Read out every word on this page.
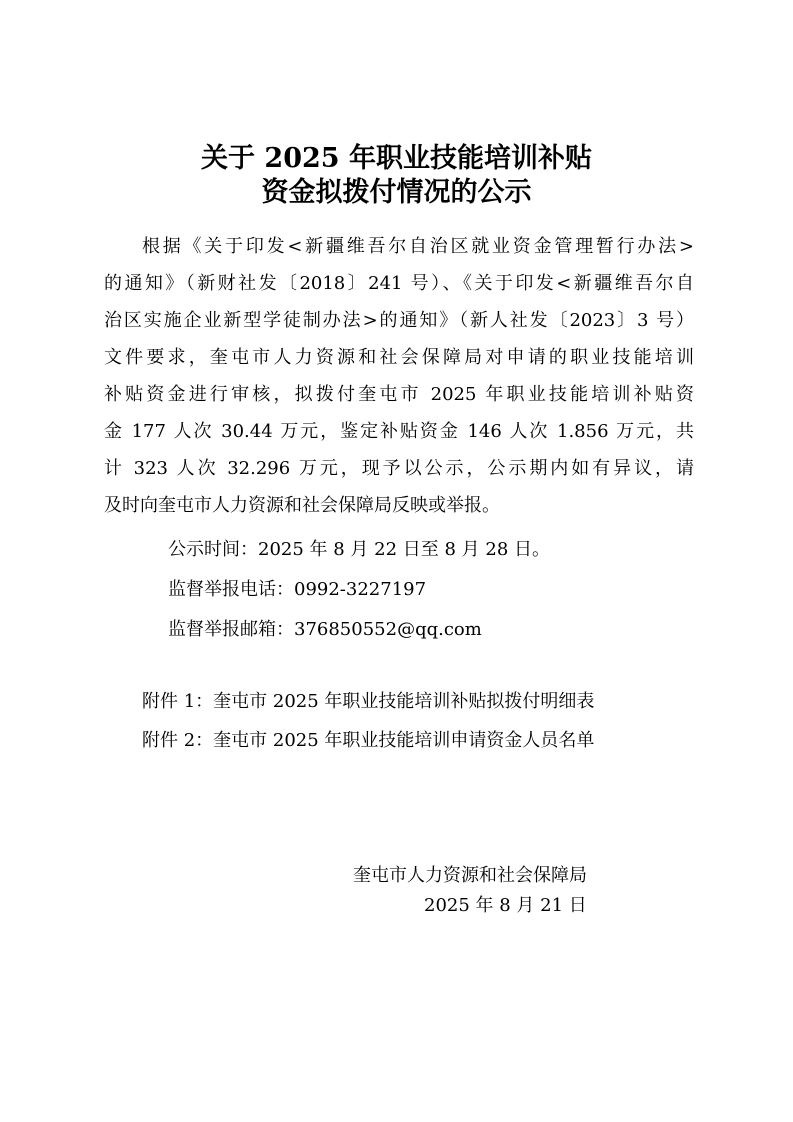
关于 2025 年职业技能培训补贴
资金拟拨付情况的公示
根据《关于印发<新疆维吾尔自治区就业资金管理暂行办法>
的通知》（新财社发〔2018〕241 号）、《关于印发<新疆维吾尔自
治区实施企业新型学徒制办法>的通知》（新人社发〔2023〕3 号）
文件要求，奎屯市人力资源和社会保障局对申请的职业技能培训
补贴资金进行审核，拟拨付奎屯市 2025 年职业技能培训补贴资
金 177 人次 30.44 万元，鉴定补贴资金 146 人次 1.856 万元，共
计 323 人次 32.296 万元，现予以公示，公示期内如有异议，请
及时向奎屯市人力资源和社会保障局反映或举报。
公示时间：2025 年 8 月 22 日至 8 月 28 日。
监督举报电话：0992-3227197
监督举报邮箱：376850552@qq.com
附件 1：奎屯市 2025 年职业技能培训补贴拟拨付明细表
附件 2：奎屯市 2025 年职业技能培训申请资金人员名单
奎屯市人力资源和社会保障局
2025 年 8 月 21 日
